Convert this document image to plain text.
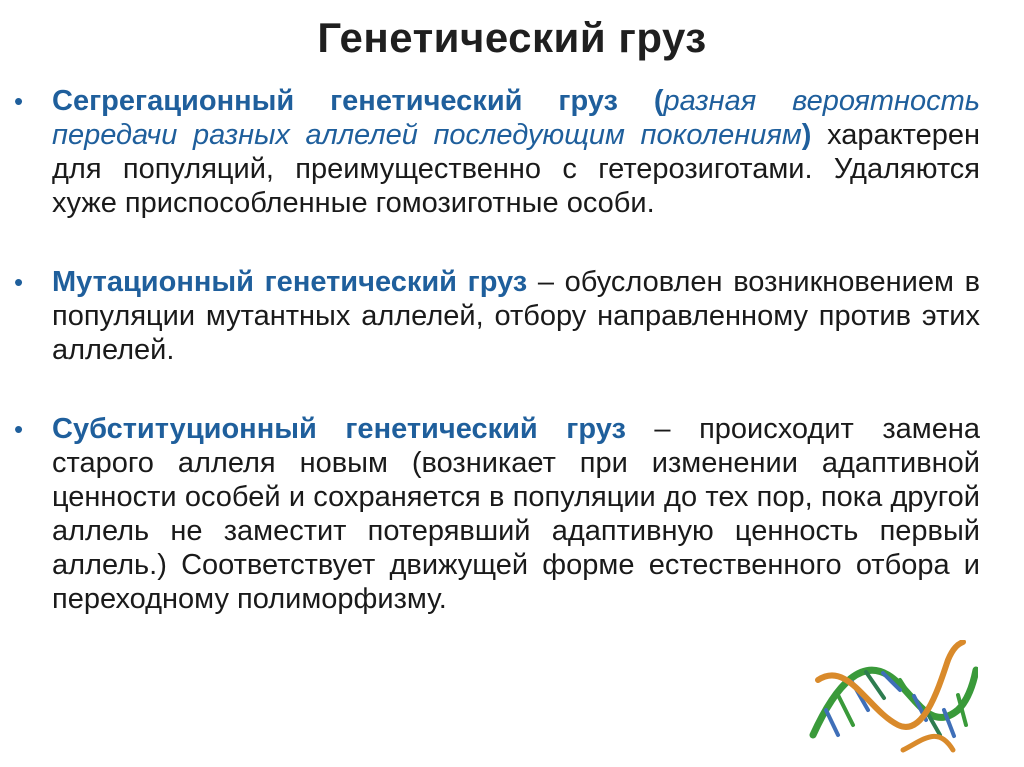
Генетический груз
• Сегрегационный генетический груз (разная вероятность передачи разных аллелей последующим поколениям) характерен для популяций, преимущественно с гетерозиготами. Удаляются хуже приспособленные гомозиготные особи.
• Мутационный генетический груз – обусловлен возникновением в популяции мутантных аллелей, отбору направленному против этих аллелей.
• Субституционный генетический груз – происходит замена старого аллеля новым (возникает при изменении адаптивной ценности особей и сохраняется в популяции до тех пор, пока другой аллель не заместит потерявший адаптивную ценность первый аллель.) Соответствует движущей форме естественного отбора и переходному полиморфизму.
